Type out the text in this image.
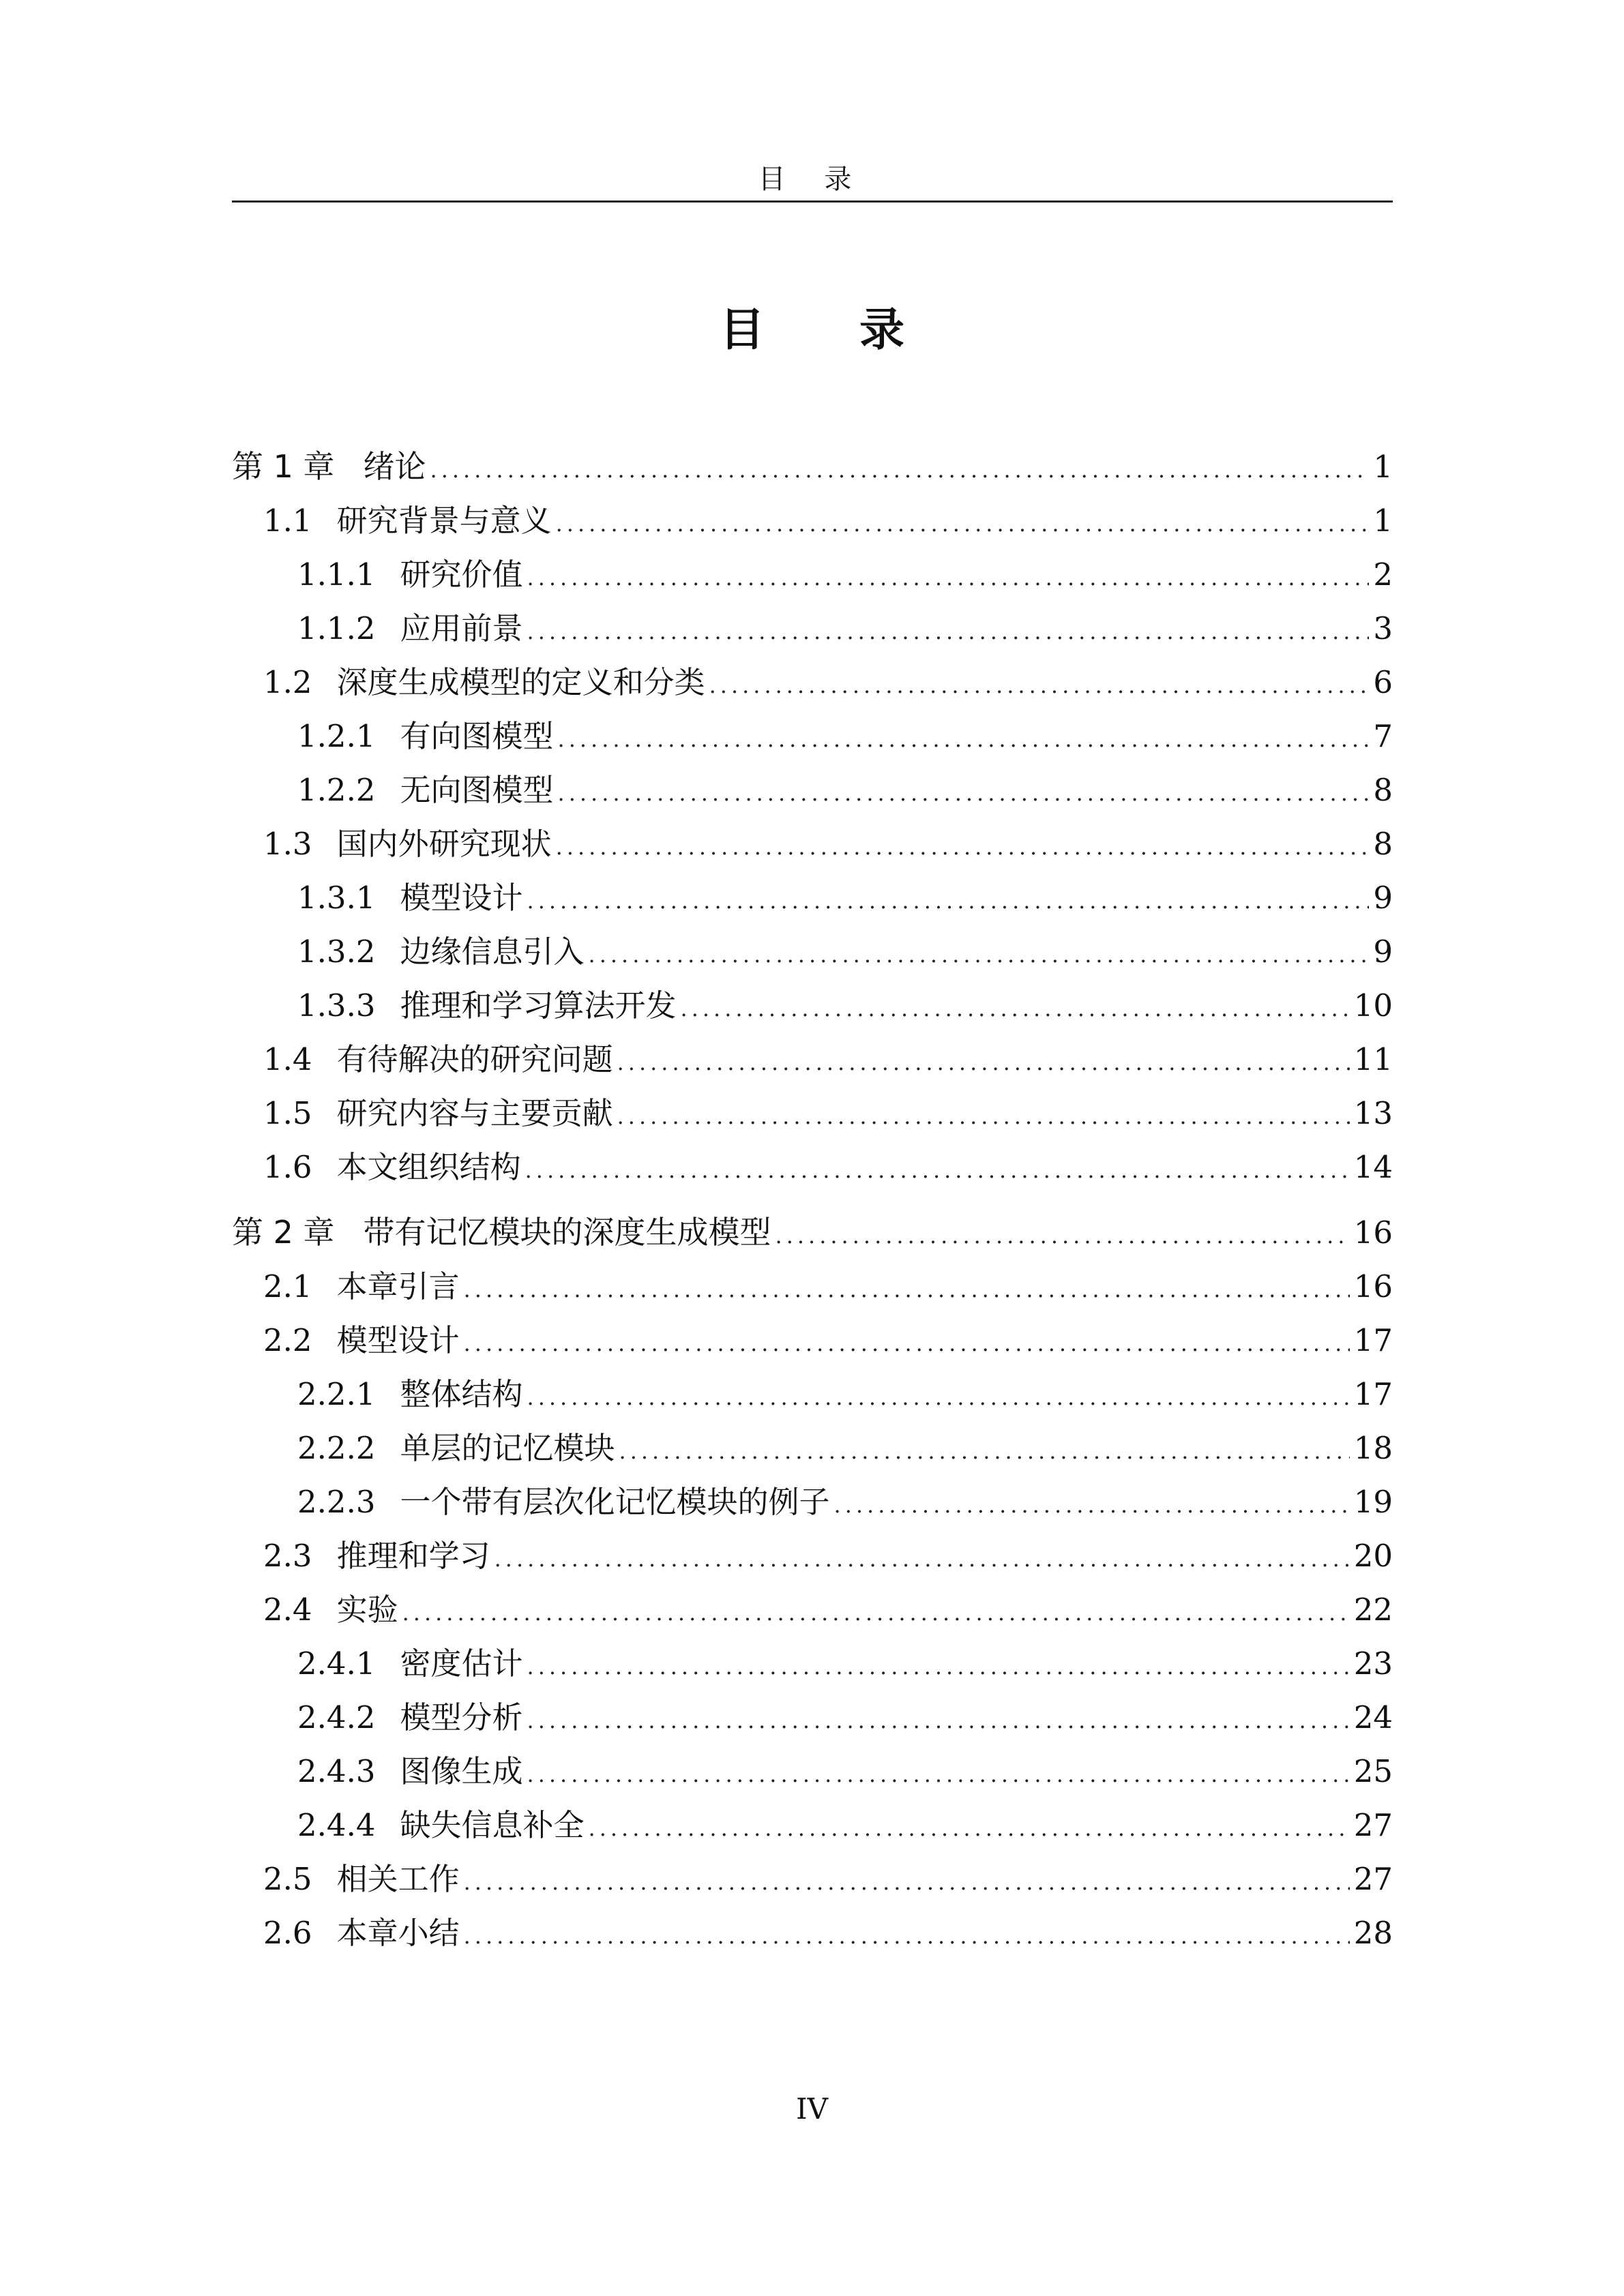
目 录
目 录
第 1 章 绪论 .....	1
1.1 研究背景与意义 .....	1
1.1.1 研究价值 .....	2
1.1.2 应用前景 .....	3
1.2 深度生成模型的定义和分类 .....	6
1.2.1 有向图模型 .....	7
1.2.2 无向图模型 .....	8
1.3 国内外研究现状 .....	8
1.3.1 模型设计 .....	9
1.3.2 边缘信息引入 .....	9
1.3.3 推理和学习算法开发 .....	10
1.4 有待解决的研究问题 .....	11
1.5 研究内容与主要贡献 .....	13
1.6 本文组织结构 .....	14
第 2 章 带有记忆模块的深度生成模型 .....	16
2.1 本章引言 .....	16
2.2 模型设计 .....	17
2.2.1 整体结构 .....	17
2.2.2 单层的记忆模块 .....	18
2.2.3 一个带有层次化记忆模块的例子 .....	19
2.3 推理和学习 .....	20
2.4 实验 .....	22
2.4.1 密度估计 .....	23
2.4.2 模型分析 .....	24
2.4.3 图像生成 .....	25
2.4.4 缺失信息补全 .....	27
2.5 相关工作 .....	27
2.6 本章小结 .....	28
IV
